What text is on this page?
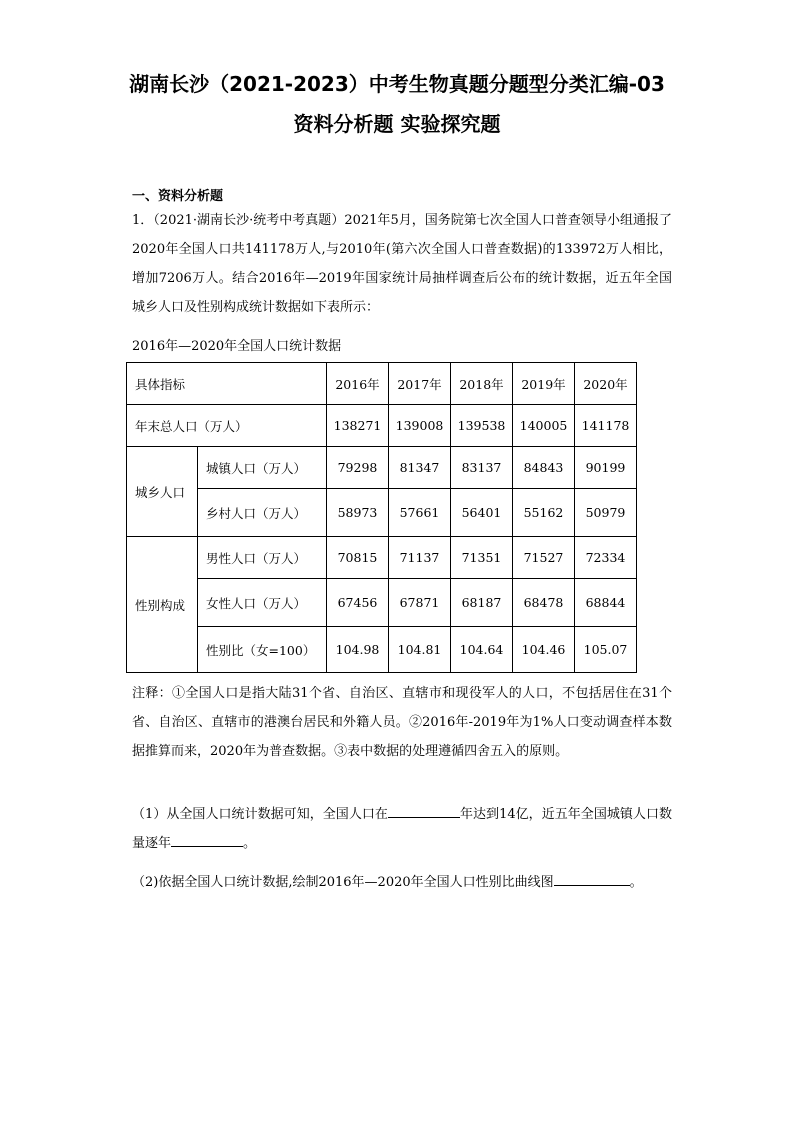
湖南长沙（2021-2023）中考生物真题分题型分类汇编-03资料分析题 实验探究题
一、资料分析题

1．（2021·湖南长沙·统考中考真题）2021年5月，国务院第七次全国人口普查领导小组通报了2020年全国人口共141178万人,与2010年(第六次全国人口普查数据)的133972万人相比，增加7206万人。结合2016年—2019年国家统计局抽样调查后公布的统计数据，近五年全国城乡人口及性别构成统计数据如下表所示：

2016年—2020年全国人口统计数据
具体指标		2016年	2017年	2018年	2019年	2020年
年末总人口（万人）		138271	139008	139538	140005	141178
城乡人口	城镇人口（万人）	79298	81347	83137	84843	90199
	乡村人口（万人）	58973	57661	56401	55162	50979
性别构成	男性人口（万人）	70815	71137	71351	71527	72334
	女性人口（万人）	67456	67871	68187	68478	68844
	性别比（女=100）	104.98	104.81	104.64	104.46	105.07

注释：①全国人口是指大陆31个省、自治区、直辖市和现役军人的人口，不包括居住在31个省、自治区、直辖市的港澳台居民和外籍人员。②2016年-2019年为1%人口变动调查样本数据推算而来，2020年为普查数据。③表中数据的处理遵循四舍五入的原则。

（1）从全国人口统计数据可知，全国人口在	年达到14亿，近五年全国城镇人口数量逐年	。

（2)依据全国人口统计数据,绘制2016年—2020年全国人口性别比曲线图	。
